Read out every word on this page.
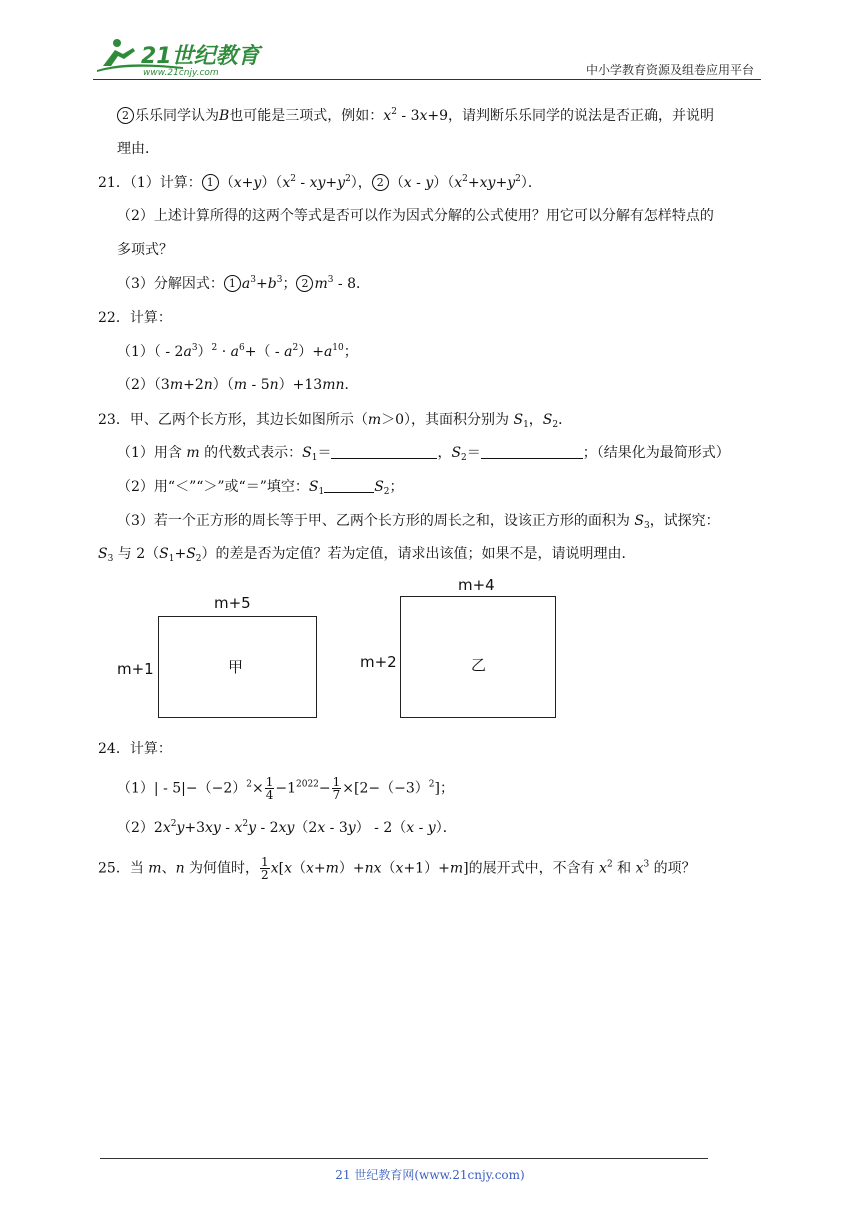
21世纪教育
www.21cnjy.com	中小学教育资源及组卷应用平台
2 乐乐同学认为B也可能是三项式，例如：$x^2 - 3x+9$，请判断乐乐同学的说法是否正确，并说明
理由．
21．（1）计算： 1 $(x+y)(x^2 - xy+y^2)$， 2 $(x - y)(x^2+xy+y^2)$．
（2）上述计算所得的这两个等式是否可以作为因式分解的公式使用？用它可以分解有怎样特点的
多项式？
（3）分解因式： 1 $a^3+b^3$； 2 $m^3 - 8$．
22．计算：
$(1)( - 2a^3)^2 \cdot a^6+( - a^2)+a^{10}$；
（2）（3m+2n）（m - 5n）+13mn．
23．甲、乙两个长方形，其边长如图所示（m＞0），其面积分别为 $S_1$，$S_2$．
（1）用含 m 的代数式表示：$S_1=$	，$S_2=$	；（结果化为最简形式）
（2）用“＜”“＞”或“＝”填空：$S_1$	$S_2$；
（3）若一个正方形的周长等于甲、乙两个长方形的周长之和，设该正方形的面积为 $S_3$，试探究：
$S_3$ 与 $2(S_1+S_2)$的差是否为定值？若为定值，请求出该值；如果不是，请说明理由．
m+5
m+1	甲
m+4
m+2	乙
24．计算：
$(1)| - 5|-(-2)^2\times \frac{1}{4} -1^{2022}- \frac{1}{7} \times[2-(-3)^2]$；
$(2)2x^2y+3xy - x^2y - 2xy(2x - 3y) - 2(x - y)$．
25．当 m、n 为何值时， $\frac{1}{2} x[x(x+m)+nx(x+1)+m]$的展开式中，不含有 $x^2$ 和 $x^3$ 的项？
21 世纪教育网(www.21cnjy.com)
